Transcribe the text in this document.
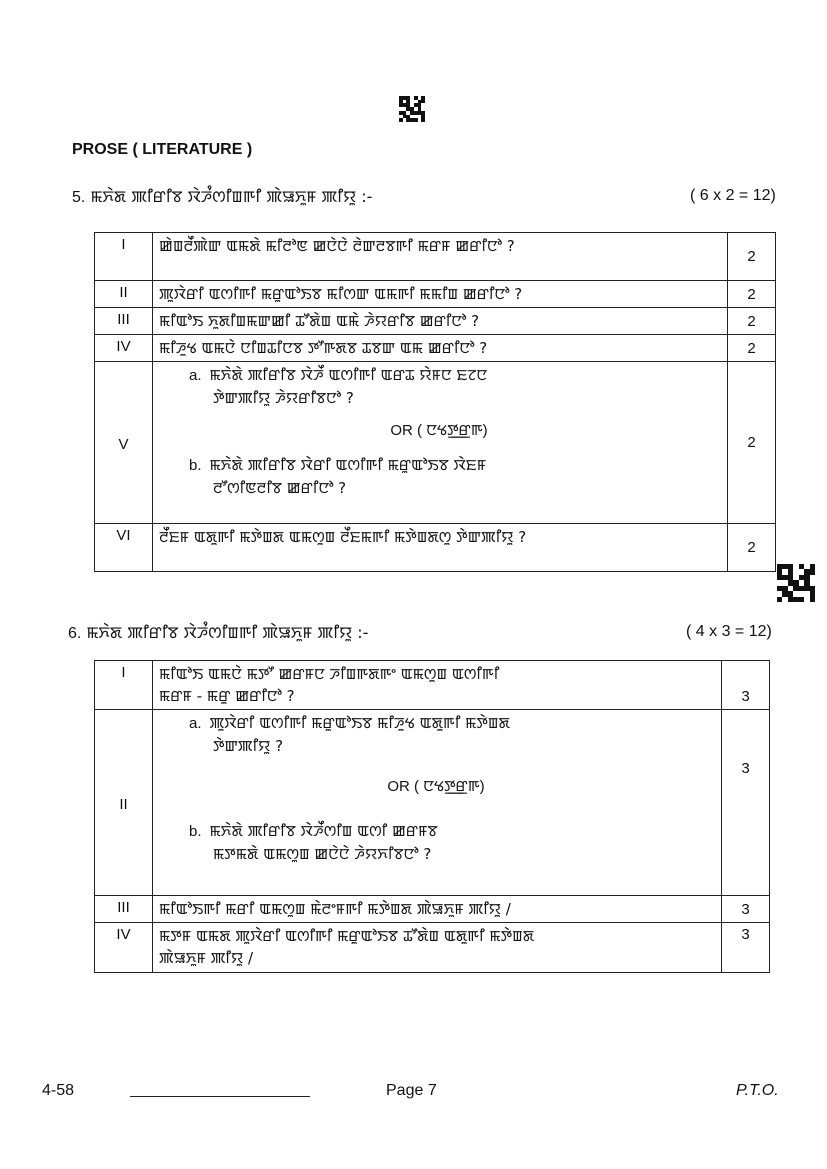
PROSE ( LITERATURE )
5. ꯃꯈꯥꯗ ꯄꯤꯔꯤꯕ ꯋꯥꯍꯪꯁꯤꯡꯒꯤ ꯄꯥꯎꯈꯨꯝ ꯄꯤꯌꯨ :-	( 6 x 2 = 12)
I	ꯀꯥꯡꯂꯩꯄꯥꯛ ꯑꯃꯗꯥ ꯃꯤꯂꯣꯟ ꯀꯅꯥꯅꯥ ꯂꯥꯛꯂꯕꯒꯤ ꯃꯔꯝ ꯀꯔꯤꯅꯣ ?	2
II	ꯄꯨꯋꯥꯔꯤ ꯑꯁꯤꯒꯤ ꯃꯔꯨꯑꯣꯏꯕ ꯃꯤꯁꯛ ꯑꯃꯒꯤ ꯃꯃꯤꯡ ꯀꯔꯤꯅꯣ ?	2
III	ꯃꯤꯑꯣꯏ ꯈꯨꯗꯤꯡꯃꯛꯀꯤ ꯊꯧꯗꯥꯡ ꯑꯃꯥ ꯍꯥꯌꯔꯤꯕ ꯀꯔꯤꯅꯣ ?	2
IV	ꯃꯤꯍꯨꯠ ꯑꯃꯅꯥ ꯅꯤꯡꯊꯤꯅꯕ ꯇꯧꯒꯗꯕ ꯊꯕꯛ ꯑꯃ ꯀꯔꯤꯅꯣ ?	2
V	a. ꯃꯈꯥꯗꯥ ꯄꯤꯔꯤꯕ ꯋꯥꯍꯩ ꯑꯁꯤꯒꯤ ꯑꯔꯊ ꯌꯥꯝꯅ ꯐꯖꯅ
ꯇꯥꯛꯄꯤꯌꯨ ꯍꯥꯌꯔꯤꯕꯅꯣ ?
OR ( ꯅꯠꯇ꯭ꯔꯒ)
b. ꯃꯈꯥꯗꯥ ꯄꯤꯔꯤꯕ ꯋꯥꯔꯤ ꯑꯁꯤꯒꯤ ꯃꯔꯨꯑꯣꯏꯕ ꯋꯥꯐꯝ
ꯂꯧꯁꯤꯟꯂꯤꯕ ꯀꯔꯤꯅꯣ ?	2
VI	ꯂꯩꯐꯝ ꯑꯗꯨꯒꯤ ꯃꯇꯥꯡꯗ ꯑꯃꯁꯨꯡ ꯂꯩꯐꯃꯒꯤ ꯃꯇꯥꯡꯗꯁꯨ ꯇꯥꯛꯄꯤꯌꯨ ?	2
6. ꯃꯈꯥꯗ ꯄꯤꯔꯤꯕ ꯋꯥꯍꯪꯁꯤꯡꯒꯤ ꯄꯥꯎꯈꯨꯝ ꯄꯤꯌꯨ :-	( 4 x 3 = 12)
I	ꯃꯤꯑꯣꯏ ꯑꯃꯅꯥ ꯃꯇꯧ ꯀꯔꯝꯅ ꯍꯤꯡꯒꯗꯒꯦ ꯑꯃꯁꯨꯡ ꯑꯁꯤꯒꯤ
ꯃꯔꯝ - ꯃꯔꯨ ꯀꯔꯤꯅꯣ ?	3
II	a. ꯄꯨꯋꯥꯔꯤ ꯑꯁꯤꯒꯤ ꯃꯔꯨꯑꯣꯏꯕ ꯃꯤꯍꯨꯠ ꯑꯗꯨꯒꯤ ꯃꯇꯥꯡꯗ
ꯇꯥꯛꯄꯤꯌꯨ ?
OR ( ꯅꯠꯇ꯭ꯔꯒ)
b. ꯃꯈꯥꯗꯥ ꯄꯤꯔꯤꯕ ꯋꯥꯍꯩꯁꯤꯡ ꯑꯁꯤ ꯀꯔꯝꯕ
ꯃꯇꯃꯗꯥ ꯑꯃꯁꯨꯡ ꯀꯅꯥꯅꯥ ꯍꯥꯌꯈꯤꯕꯅꯣ ?	3
III	ꯃꯤꯑꯣꯏꯒꯤ ꯃꯔꯤ ꯑꯃꯁꯨꯡ ꯃꯥꯂꯦꯝꯒꯤ ꯃꯇꯥꯡꯗ ꯄꯥꯎꯈꯨꯝ ꯄꯤꯌꯨ /	3
IV	ꯃꯇꯝ ꯑꯃꯗ ꯄꯨꯋꯥꯔꯤ ꯑꯁꯤꯒꯤ ꯃꯔꯨꯑꯣꯏꯕ ꯊꯧꯗꯥꯡ ꯑꯗꯨꯒꯤ ꯃꯇꯥꯡꯗ
ꯄꯥꯎꯈꯨꯝ ꯄꯤꯌꯨ /	3
4-58	Page 7	P.T.O.
